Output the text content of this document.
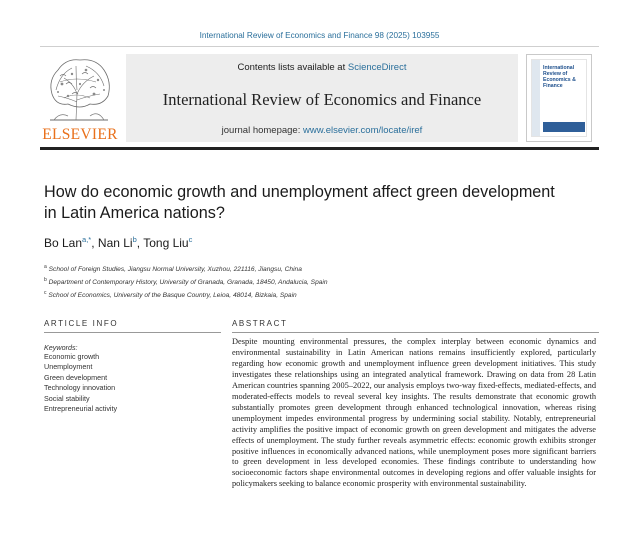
International Review of Economics and Finance 98 (2025) 103955
ELSEVIER
Contents lists available at ScienceDirect
International Review of Economics and Finance
journal homepage: www.elsevier.com/locate/iref
International Review of Economics & Finance
How do economic growth and unemployment affect green development in Latin America nations?
Bo Lan$^{a,*}$, Nan Li$^b$, Tong Liu$^c$
$^a$ School of Foreign Studies, Jiangsu Normal University, Xuzhou, 221116, Jiangsu, China
$^b$ Department of Contemporary History, University of Granada, Granada, 18450, Andalucia, Spain
$^c$ School of Economics, University of the Basque Country, Leioa, 48014, Bizkaia, Spain
ARTICLE INFO
Keywords:
Economic growth
Unemployment
Green development
Technology innovation
Social stability
Entrepreneurial activity
ABSTRACT
Despite mounting environmental pressures, the complex interplay between economic dynamics and environmental sustainability in Latin American nations remains insufficiently explored, particularly regarding how economic growth and unemployment influence green development initiatives. This study investigates these relationships using an integrated analytical framework. Drawing on data from 28 Latin American countries spanning 2005–2022, our analysis employs two-way fixed-effects, mediated-effects, and moderated-effects models to reveal several key insights. The results demonstrate that economic growth substantially promotes green development through enhanced technological innovation, whereas rising unemployment impedes environmental progress by undermining social stability. Notably, entrepreneurial activity amplifies the positive impact of economic growth on green development and mitigates the adverse effects of unemployment. The study further reveals asymmetric effects: economic growth exhibits stronger positive influences in economically advanced nations, while unemployment poses more significant barriers to green development in less developed economies. These findings contribute to understanding how socioeconomic factors shape environmental outcomes in developing regions and offer valuable insights for policymakers seeking to balance economic prosperity with environmental sustainability.
